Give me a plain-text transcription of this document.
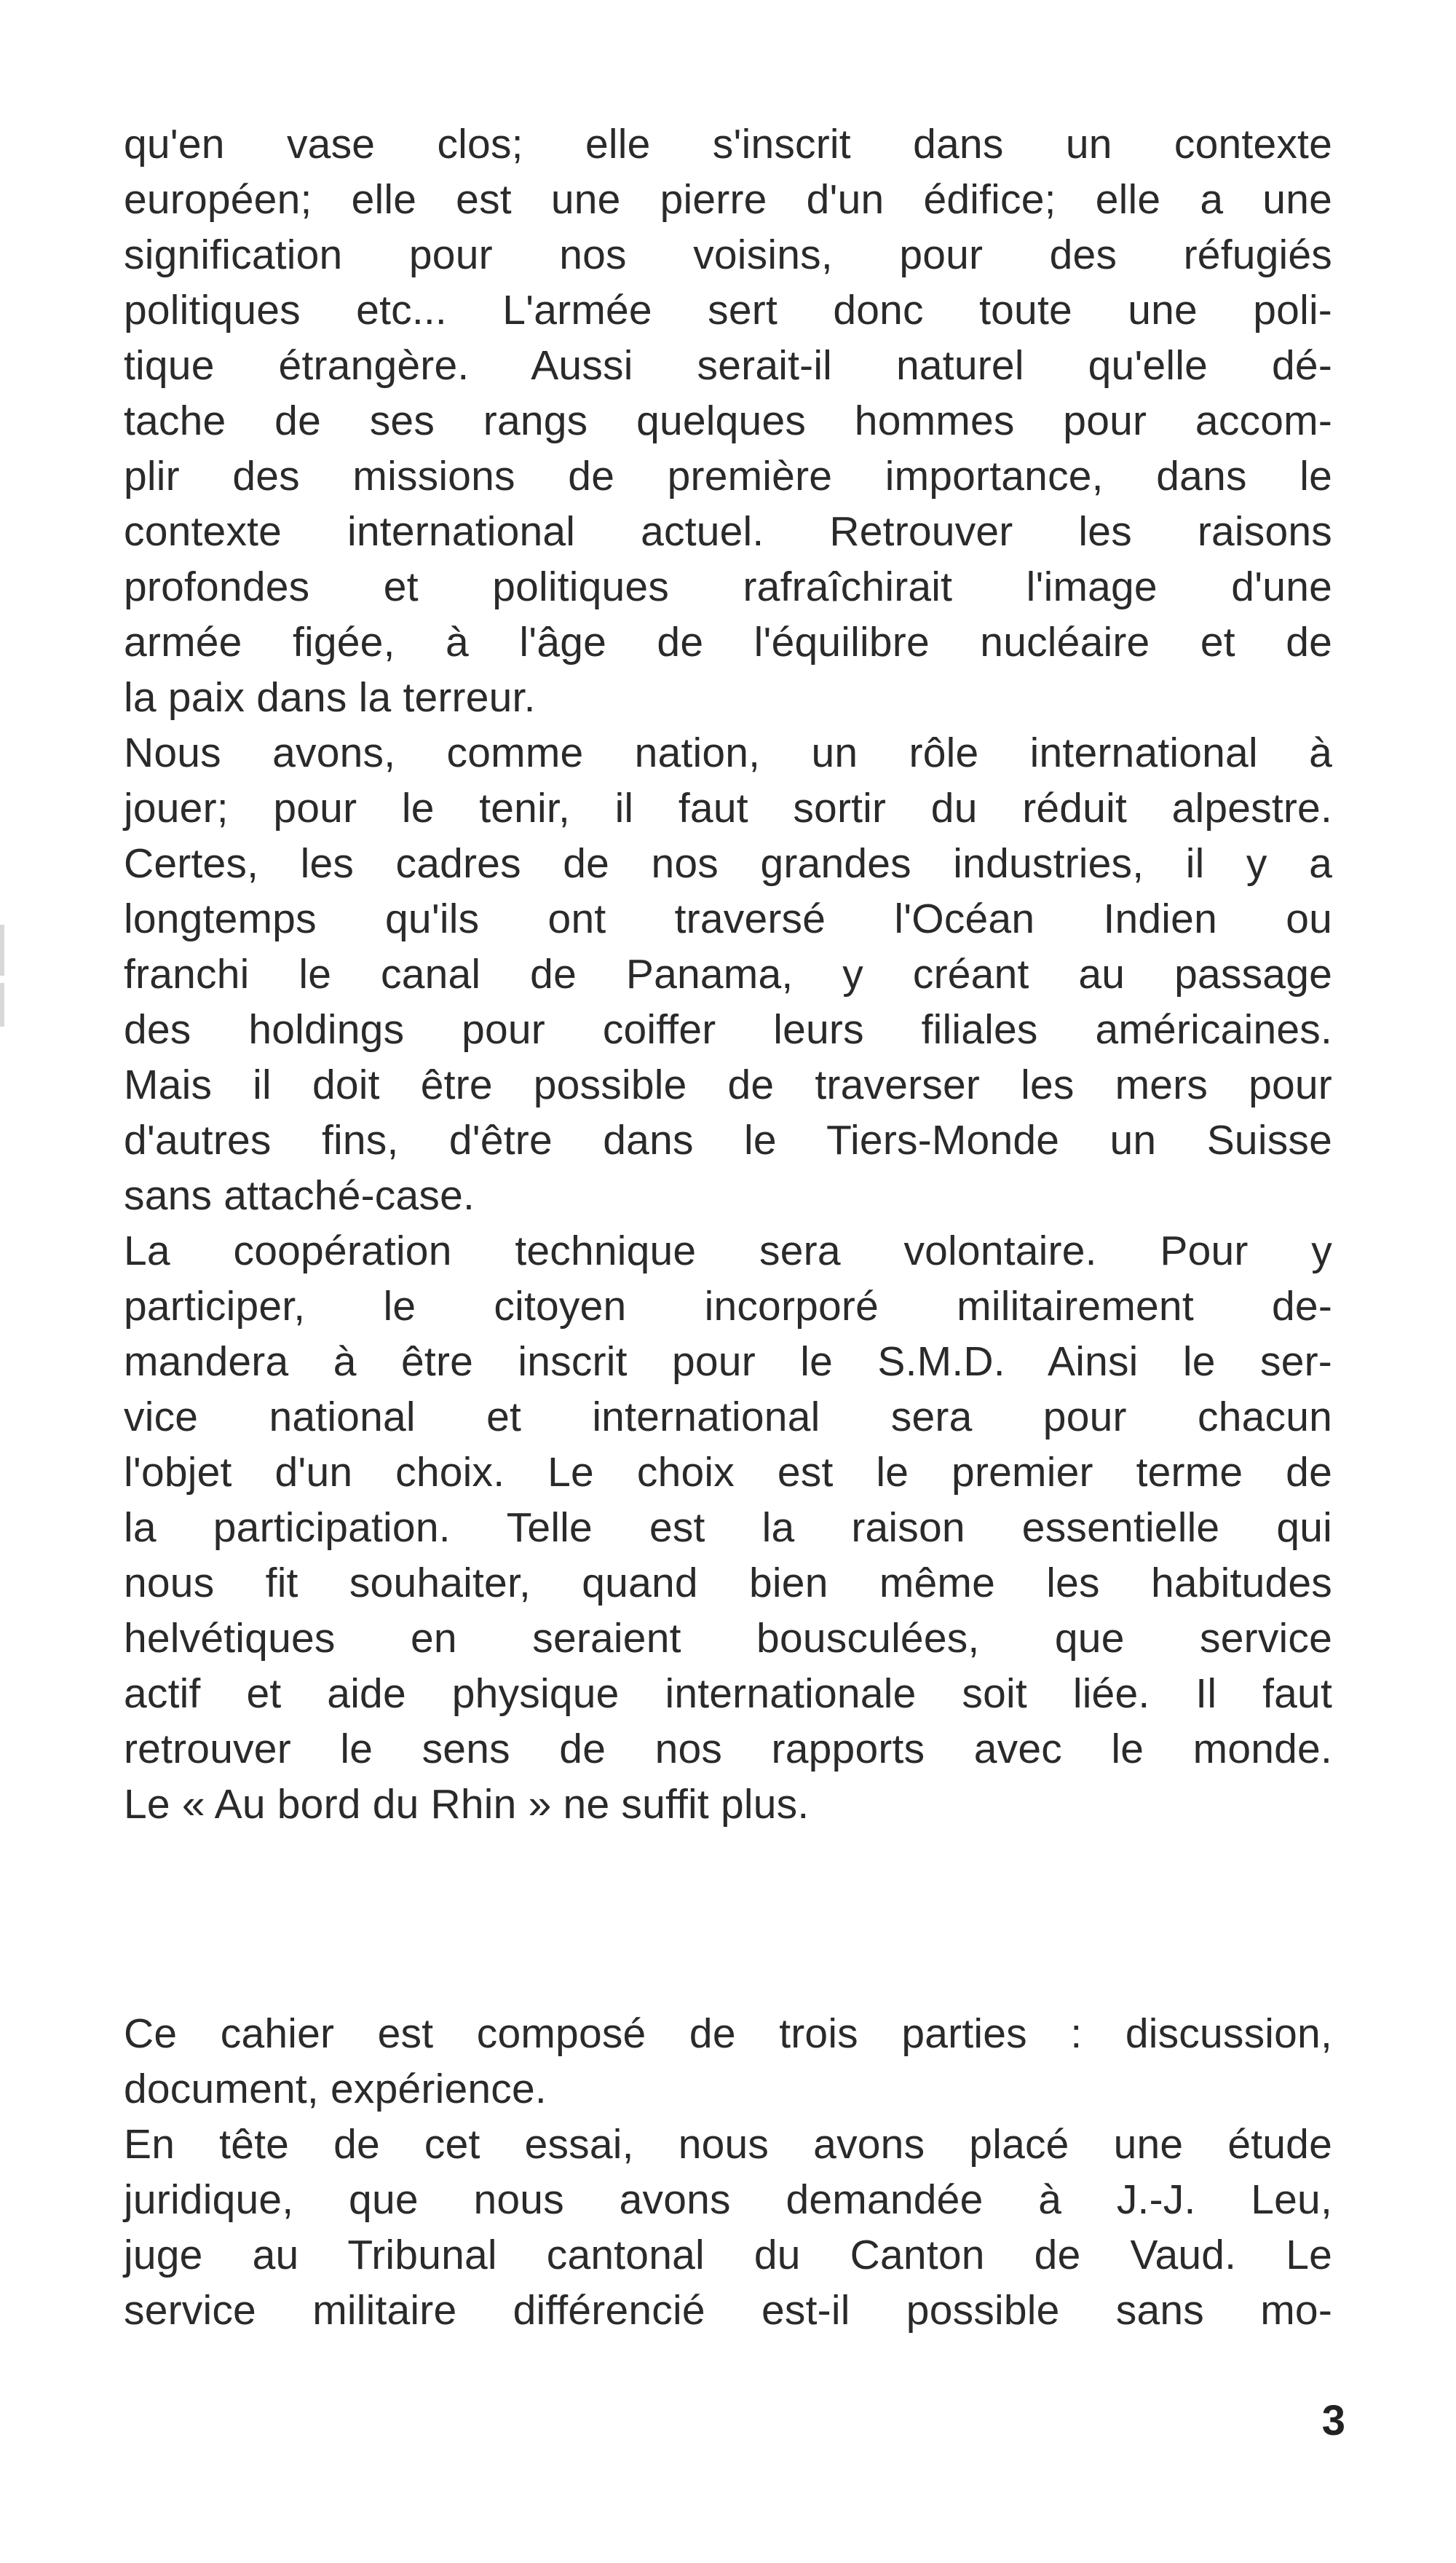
qu'en vase clos; elle s'inscrit dans un contexte
européen; elle est une pierre d'un édifice; elle a une
signification pour nos voisins, pour des réfugiés
politiques etc... L'armée sert donc toute une poli-
tique étrangère. Aussi serait-il naturel qu'elle dé-
tache de ses rangs quelques hommes pour accom-
plir des missions de première importance, dans le
contexte international actuel. Retrouver les raisons
profondes et politiques rafraîchirait l'image d'une
armée figée, à l'âge de l'équilibre nucléaire et de
la paix dans la terreur.
Nous avons, comme nation, un rôle international à
jouer; pour le tenir, il faut sortir du réduit alpestre.
Certes, les cadres de nos grandes industries, il y a
longtemps qu'ils ont traversé l'Océan Indien ou
franchi le canal de Panama, y créant au passage
des holdings pour coiffer leurs filiales américaines.
Mais il doit être possible de traverser les mers pour
d'autres fins, d'être dans le Tiers-Monde un Suisse
sans attaché-case.
La coopération technique sera volontaire. Pour y
participer, le citoyen incorporé militairement de-
mandera à être inscrit pour le S.M.D. Ainsi le ser-
vice national et international sera pour chacun
l'objet d'un choix. Le choix est le premier terme de
la participation. Telle est la raison essentielle qui
nous fit souhaiter, quand bien même les habitudes
helvétiques en seraient bousculées, que service
actif et aide physique internationale soit liée. Il faut
retrouver le sens de nos rapports avec le monde.
Le « Au bord du Rhin » ne suffit plus.
Ce cahier est composé de trois parties : discussion,
document, expérience.
En tête de cet essai, nous avons placé une étude
juridique, que nous avons demandée à J.-J. Leu,
juge au Tribunal cantonal du Canton de Vaud. Le
service militaire différencié est-il possible sans mo-
3
